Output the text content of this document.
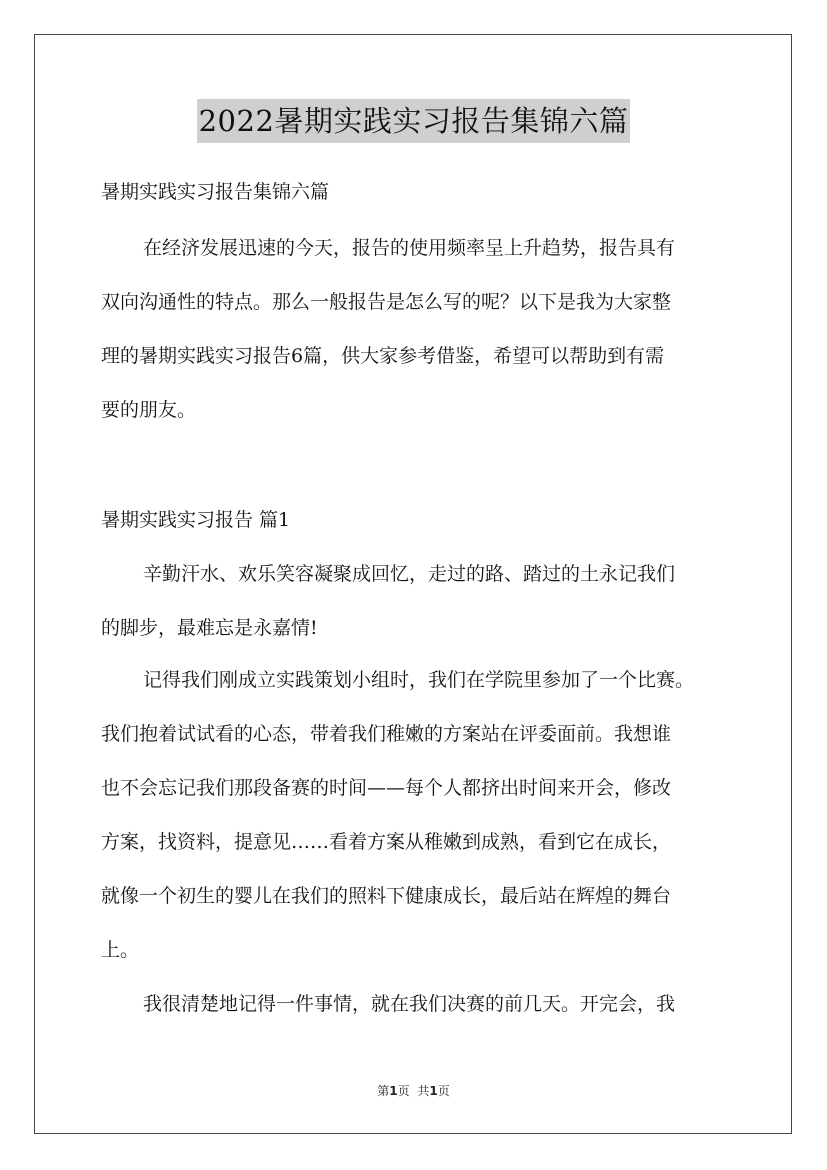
2022暑期实践实习报告集锦六篇
暑期实践实习报告集锦六篇
在经济发展迅速的今天，报告的使用频率呈上升趋势，报告具有
双向沟通性的特点。那么一般报告是怎么写的呢？以下是我为大家整
理的暑期实践实习报告6篇，供大家参考借鉴，希望可以帮助到有需
要的朋友。
暑期实践实习报告 篇1
辛勤汗水、欢乐笑容凝聚成回忆，走过的路、踏过的土永记我们
的脚步，最难忘是永嘉情!
记得我们刚成立实践策划小组时，我们在学院里参加了一个比赛。
我们抱着试试看的心态，带着我们稚嫩的方案站在评委面前。我想谁
也不会忘记我们那段备赛的时间——每个人都挤出时间来开会，修改
方案，找资料，提意见……看着方案从稚嫩到成熟，看到它在成长，
就像一个初生的婴儿在我们的照料下健康成长，最后站在辉煌的舞台
上。
我很清楚地记得一件事情，就在我们决赛的前几天。开完会，我
第1页 共1页
